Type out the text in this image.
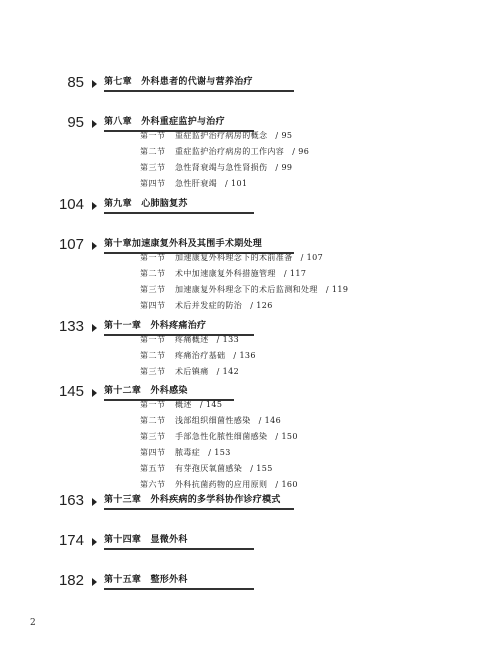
85 第七章　外科患者的代谢与营养治疗
95 第八章　外科重症监护与治疗
第一节 重症监护治疗病房的概念 / 95
第二节 重症监护治疗病房的工作内容 / 96
第三节 急性肾衰竭与急性肾损伤 / 99
第四节 急性肝衰竭 / 101
104 第九章　心肺脑复苏
107 第十章加速康复外科及其围手术期处理
第一节 加速康复外科理念下的术前准备 / 107
第二节 术中加速康复外科措施管理 / 117
第三节 加速康复外科理念下的术后监测和处理 / 119
第四节 术后并发症的防治 / 126
133 第十一章　外科疼痛治疗
第一节 疼痛概述 / 133
第二节 疼痛治疗基础 / 136
第三节 术后镇痛 / 142
145 第十二章　外科感染
第一节 概述 / 145
第二节 浅部组织细菌性感染 / 146
第三节 手部急性化脓性细菌感染 / 150
第四节 脓毒症 / 153
第五节 有芽孢厌氧菌感染 / 155
第六节 外科抗菌药物的应用原则 / 160
163 第十三章　外科疾病的多学科协作诊疗模式
174 第十四章　显微外科
182 第十五章　整形外科
2
